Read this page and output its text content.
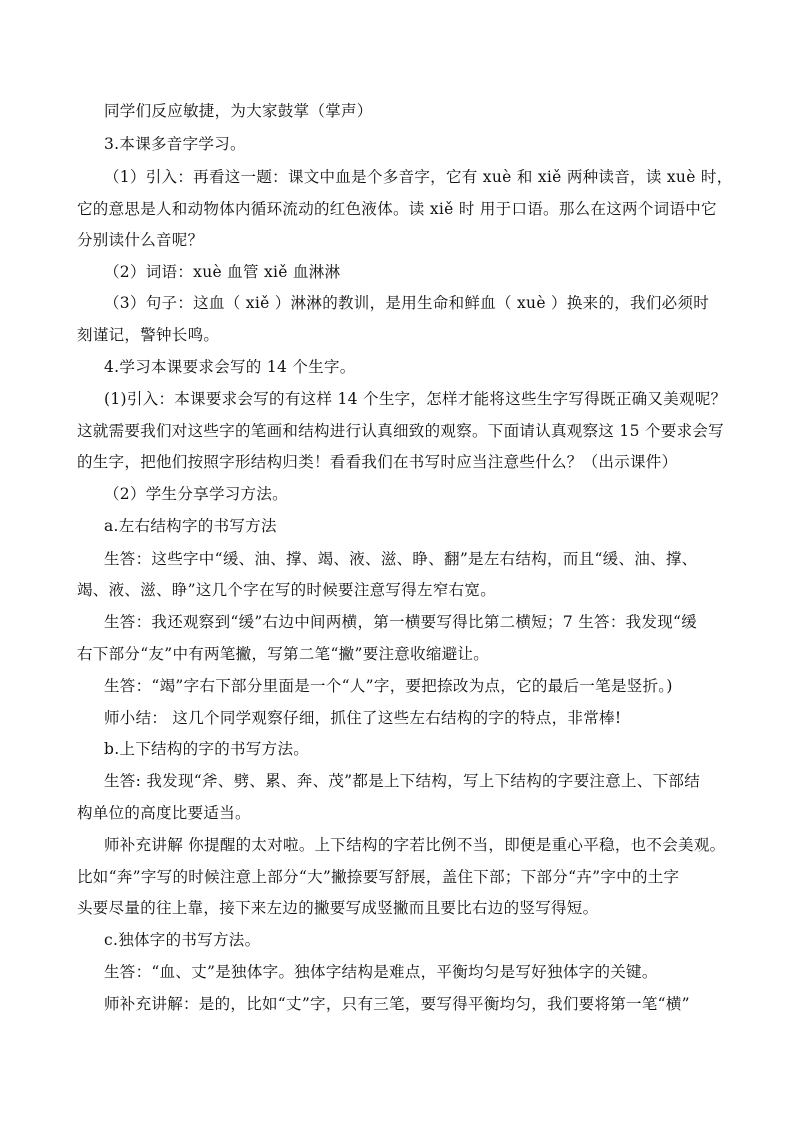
同学们反应敏捷，为大家鼓掌（掌声）
3.本课多音字学习。
（1）引入：再看这一题：课文中血是个多音字，它有 xuè 和 xiě 两种读音，读 xuè 时，
它的意思是人和动物体内循环流动的红色液体。读 xiě 时 用于口语。那么在这两个词语中它
分别读什么音呢？
（2）词语：xuè 血管 xiě 血淋淋
（3）句子：这血（ xiě ）淋淋的教训，是用生命和鲜血（ xuè ）换来的，我们必须时
刻谨记，警钟长鸣。
4.学习本课要求会写的 14 个生字。
(1)引入：本课要求会写的有这样 14 个生字，怎样才能将这些生字写得既正确又美观呢？
这就需要我们对这些字的笔画和结构进行认真细致的观察。下面请认真观察这 15 个要求会写
的生字，把他们按照字形结构归类！看看我们在书写时应当注意些什么？（出示课件）
（2）学生分享学习方法。
a.左右结构字的书写方法
生答：这些字中“缓、油、撑、竭、液、滋、睁、翻”是左右结构，而且“缓、油、撑、
竭、液、滋、睁”这几个字在写的时候要注意写得左窄右宽。
生答：我还观察到“缓”右边中间两横，第一横要写得比第二横短；7 生答：我发现“缓
右下部分“友”中有两笔撇，写第二笔“撇”要注意收缩避让。
生答：“竭”字右下部分里面是一个“人”字，要把捺改为点，它的最后一笔是竖折。)
师小结： 这几个同学观察仔细，抓住了这些左右结构的字的特点，非常棒!
b.上下结构的字的书写方法。
生答: 我发现“斧、劈、累、奔、茂”都是上下结构，写上下结构的字要注意上、下部结
构单位的高度比要适当。
师补充讲解 你提醒的太对啦。上下结构的字若比例不当，即便是重心平稳，也不会美观。
比如“奔”字写的时候注意上部分“大”撇捺要写舒展，盖住下部；下部分“卉”字中的土字
头要尽量的往上靠，接下来左边的撇要写成竖撇而且要比右边的竖写得短。
c.独体字的书写方法。
生答：“血、丈”是独体字。独体字结构是难点，平衡均匀是写好独体字的关键。
师补充讲解：是的，比如“丈”字，只有三笔，要写得平衡均匀，我们要将第一笔“横”
